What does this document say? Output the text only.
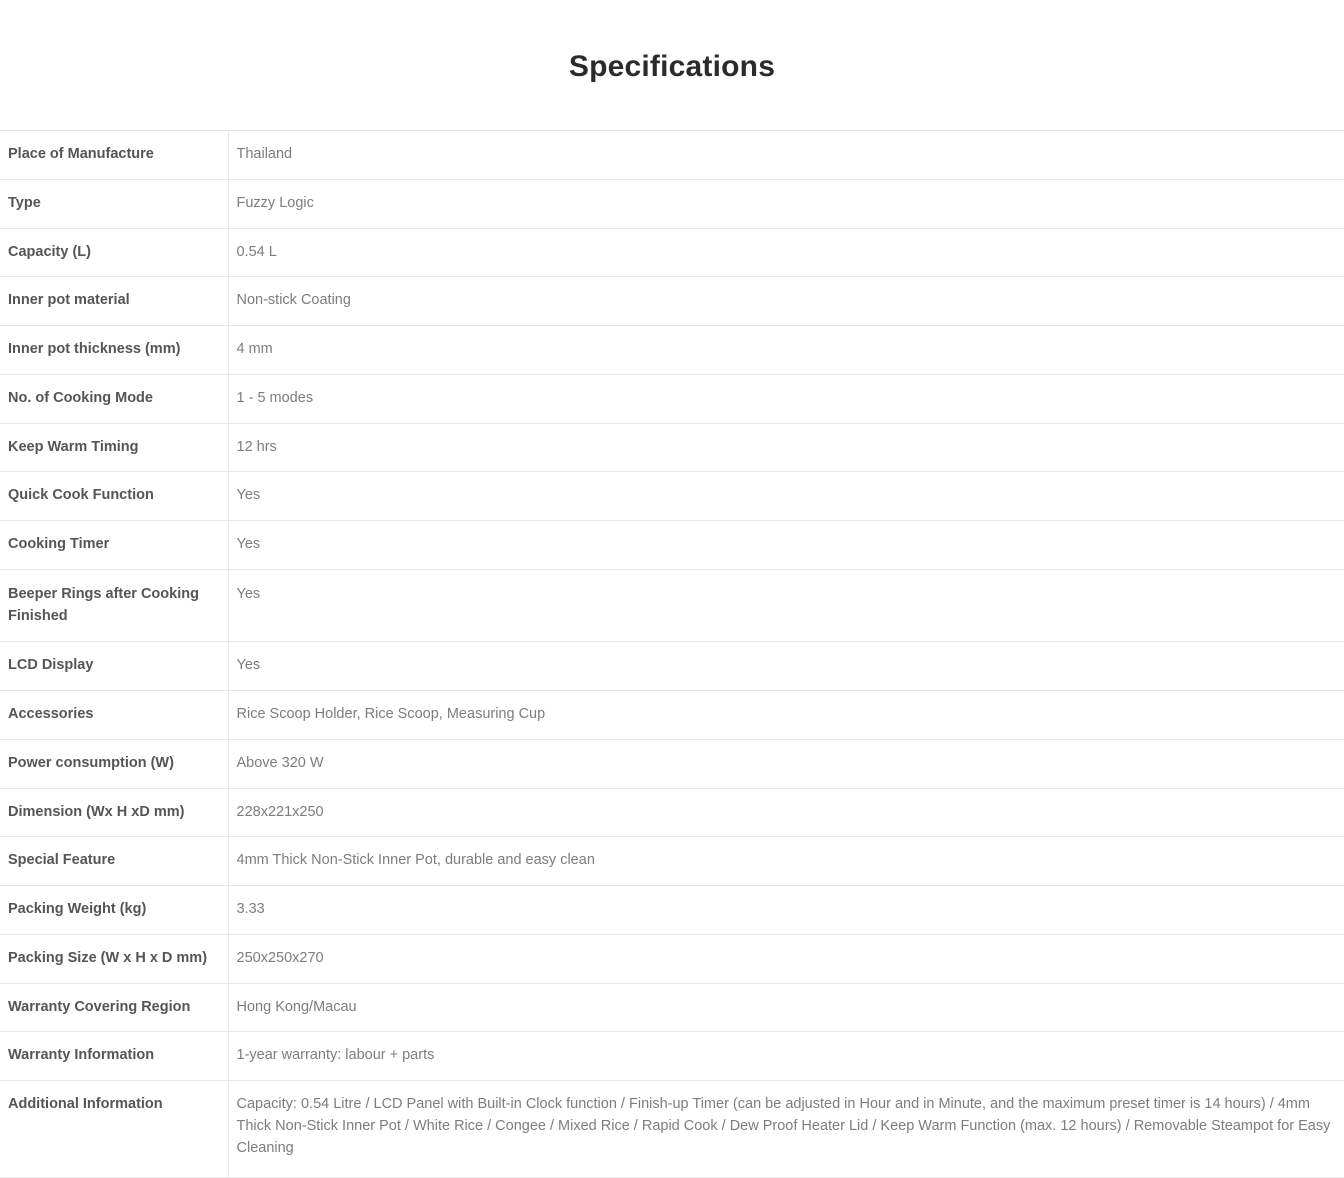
Specifications
Place of Manufacture	Thailand
Type	Fuzzy Logic
Capacity (L)	0.54 L
Inner pot material	Non-stick Coating
Inner pot thickness (mm)	4 mm
No. of Cooking Mode	1 - 5 modes
Keep Warm Timing	12 hrs
Quick Cook Function	Yes
Cooking Timer	Yes
Beeper Rings after Cooking Finished	Yes
LCD Display	Yes
Accessories	Rice Scoop Holder, Rice Scoop, Measuring Cup
Power consumption (W)	Above 320 W
Dimension (Wx H xD mm)	228x221x250
Special Feature	4mm Thick Non-Stick Inner Pot, durable and easy clean
Packing Weight (kg)	3.33
Packing Size (W x H x D mm)	250x250x270
Warranty Covering Region	Hong Kong/Macau
Warranty Information	1-year warranty: labour + parts
Additional Information	Capacity: 0.54 Litre / LCD Panel with Built-in Clock function / Finish-up Timer (can be adjusted in Hour and in Minute, and the maximum preset timer is 14 hours) / 4mm Thick Non-Stick Inner Pot / White Rice / Congee / Mixed Rice / Rapid Cook / Dew Proof Heater Lid / Keep Warm Function (max. 12 hours) / Removable Steampot for Easy Cleaning
